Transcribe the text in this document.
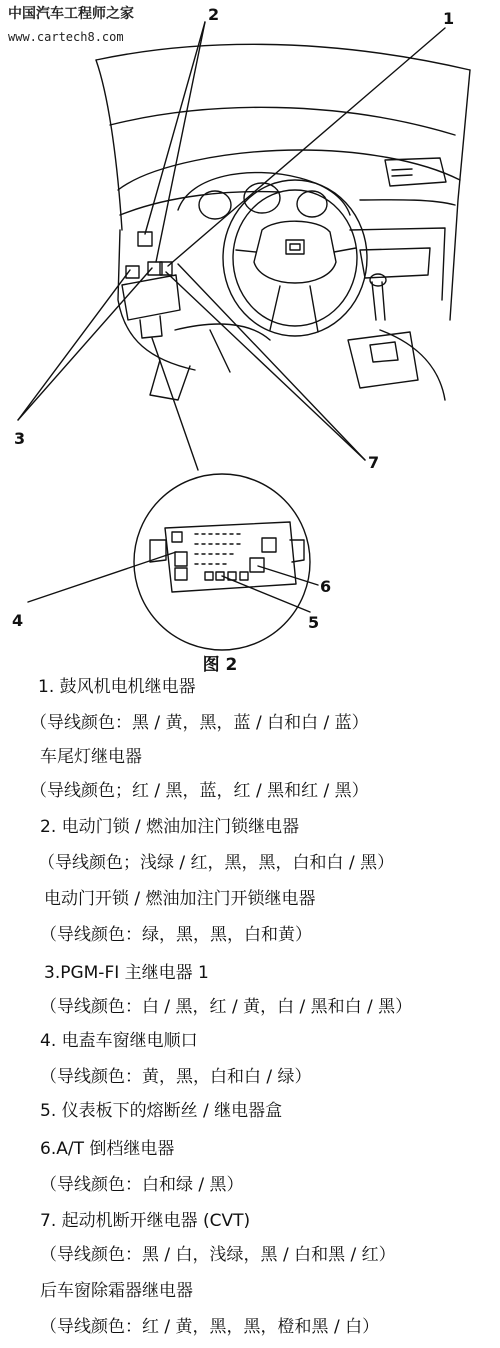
中国汽车工程师之家
www.cartech8.com
1
2
3
4	5
6
7
图 2
1. 鼓风机电机继电器
（导线颜色：黑 / 黄，黑，蓝 / 白和白 / 蓝）
车尾灯继电器
（导线颜色；红 / 黑，蓝，红 / 黑和红 / 黑）
2. 电动门锁 / 燃油加注门锁继电器
（导线颜色；浅绿 / 红，黑，黑，白和白 / 黑）
电动门开锁 / 燃油加注门开锁继电器
（导线颜色：绿，黑，黑，白和黄）
3.PGM-FI 主继电器 1
（导线颜色：白 / 黑，红 / 黄，白 / 黑和白 / 黑）
4. 电盍车窗继电顺口
（导线颜色：黄，黑，白和白 / 绿）
5. 仪表板下的熔断丝 / 继电器盒
6.A/T 倒档继电器
（导线颜色：白和绿 / 黑）
7. 起动机断开继电器 (CVT)
（导线颜色：黑 / 白，浅绿，黑 / 白和黑 / 红）
后车窗除霜器继电器
（导线颜色：红 / 黄，黑，黑，橙和黑 / 白）
